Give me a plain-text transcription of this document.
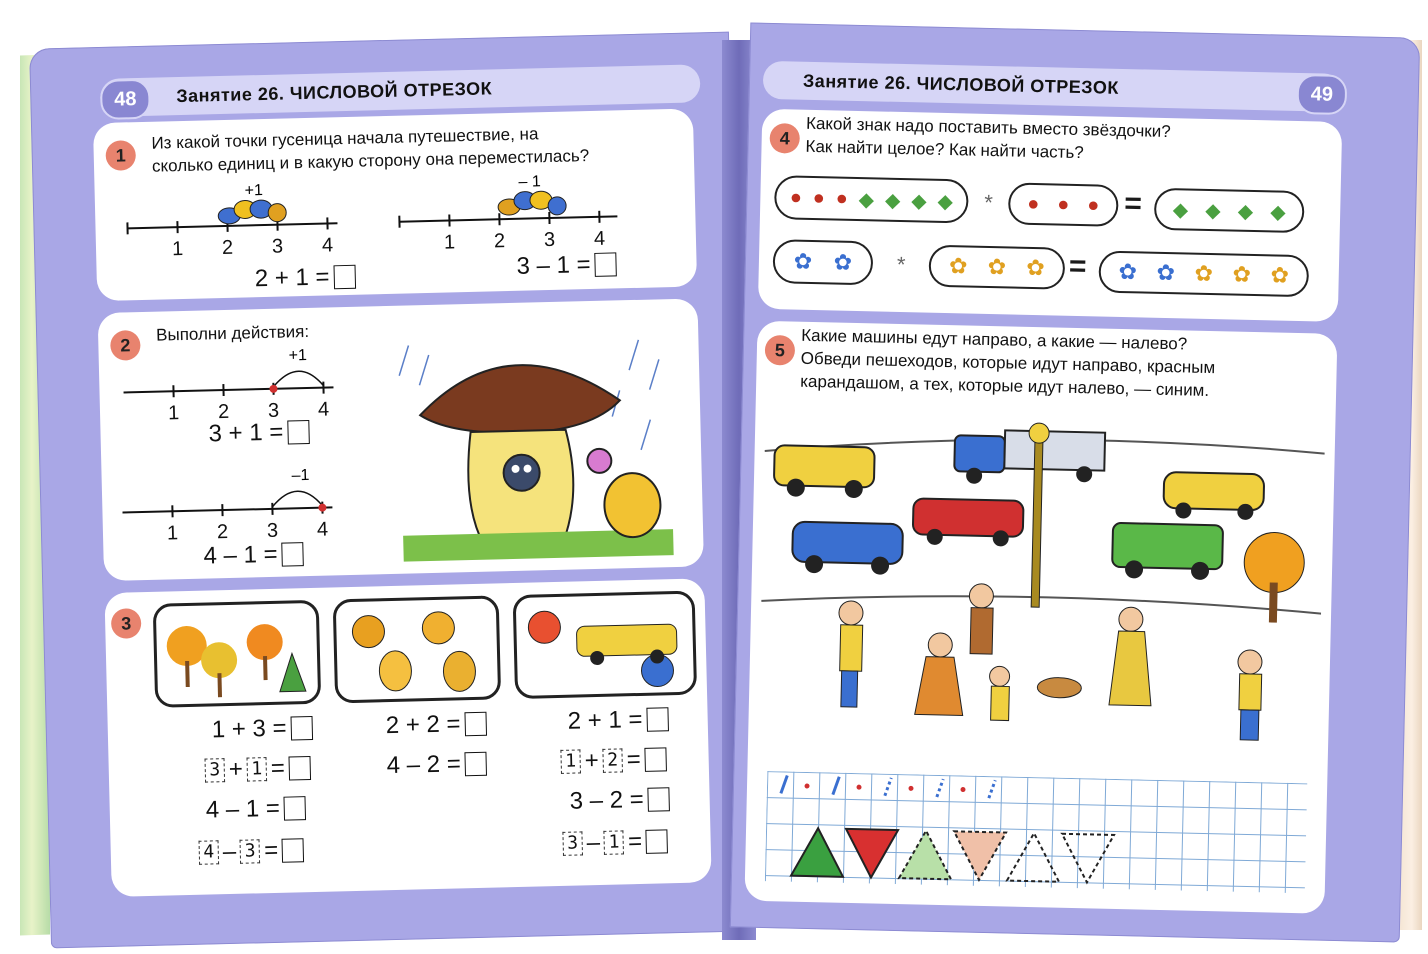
Занятие 26. ЧИСЛОВОЙ ОТРЕЗОК
48
1
Из какой точки гусеница начала путешествие, на
сколько единиц и в какую сторону она переместилась?
1 2 3 4
+1
1 2 3 4
– 1
2 + 1 =	3 – 1 =
2
Выполни действия:
+1
1 2 3 4
–1
1 2 3 4
3 + 1 =
4 – 1 =
3
1 + 3 =
3 + 1 =
4 – 1 =
4 – 3 =
2 + 2 =
4 – 2 =
2 + 1 =
1 + 2 =
3 – 2 =
3 – 1 =
Занятие 26. ЧИСЛОВОЙ ОТРЕЗОК	49
4 Какой знак надо поставить вместо звёздочки?
Как найти целое? Как найти часть?
● ● ● ◆ ◆ ◆ ◆ * ● ● ● = ◆ ◆ ◆ ◆
✿ ✿ * ✿ ✿ ✿ = ✿ ✿ ✿ ✿ ✿
5 Какие машины едут направо, а какие — налево?
Обведи пешеходов, которые идут направо, красным
карандашом, а тех, которые идут налево, — синим.
